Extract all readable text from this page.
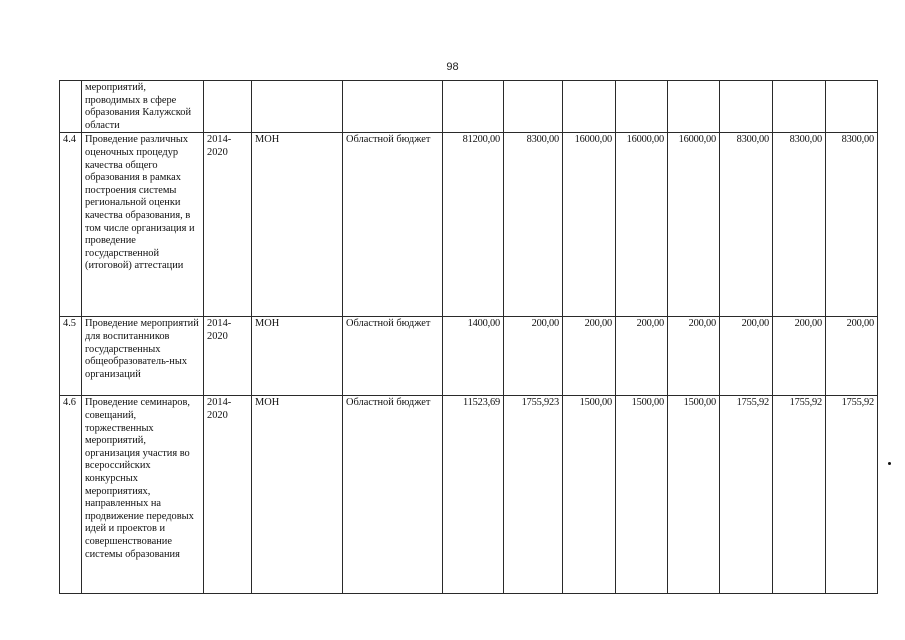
98
	мероприятий, проводимых в сфере образования Калужской области											
4.4	Проведение различных оценочных процедур качества общего образования в рамках построения системы региональной оценки качества образования, в том числе организация и проведение государственной (итоговой) аттестации	2014-2020	МОН	Областной бюджет	81200,00	8300,00	16000,00	16000,00	16000,00	8300,00	8300,00	8300,00
4.5	Проведение мероприятий для воспитанников государственных общеобразователь-ных организаций	2014-2020	МОН	Областной бюджет	1400,00	200,00	200,00	200,00	200,00	200,00	200,00	200,00
4.6	Проведение семинаров, совещаний, торжественных мероприятий, организация участия во всероссийских конкурсных мероприятиях, направленных на продвижение передовых идей и проектов и совершенствование системы образования	2014-2020	МОН	Областной бюджет	11523,69	1755,923	1500,00	1500,00	1500,00	1755,92	1755,92	1755,92
